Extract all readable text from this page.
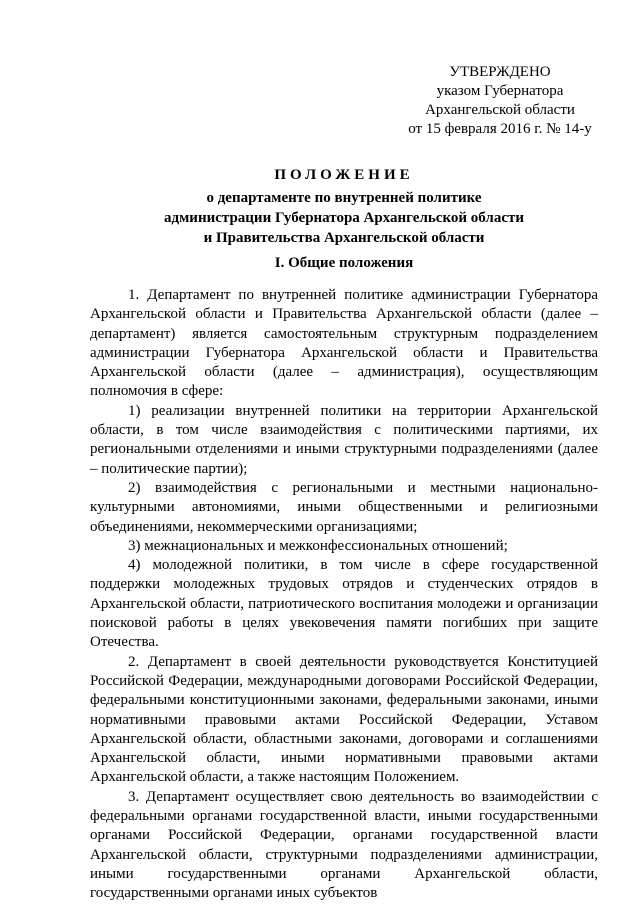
УТВЕРЖДЕНО
указом Губернатора
Архангельской области
от 15 февраля 2016 г. № 14-у
ПОЛОЖЕНИЕ
о департаменте по внутренней политике
администрации Губернатора Архангельской области
и Правительства Архангельской области
I. Общие положения

1. Департамент по внутренней политике администрации Губернатора Архангельской области и Правительства Архангельской области (далее – департамент) является самостоятельным структурным подразделением администрации Губернатора Архангельской области и Правительства Архангельской области (далее – администрация), осуществляющим полномочия в сфере:

1) реализации внутренней политики на территории Архангельской области, в том числе взаимодействия с политическими партиями, их региональными отделениями и иными структурными подразделениями (далее – политические партии);

2) взаимодействия с региональными и местными национально-культурными автономиями, иными общественными и религиозными объединениями, некоммерческими организациями;

3) межнациональных и межконфессиональных отношений;

4) молодежной политики, в том числе в сфере государственной поддержки молодежных трудовых отрядов и студенческих отрядов в Архангельской области, патриотического воспитания молодежи и организации поисковой работы в целях увековечения памяти погибших при защите Отечества.

2. Департамент в своей деятельности руководствуется Конституцией Российской Федерации, международными договорами Российской Федерации, федеральными конституционными законами, федеральными законами, иными нормативными правовыми актами Российской Федерации, Уставом Архангельской области, областными законами, договорами и соглашениями Архангельской области, иными нормативными правовыми актами Архангельской области, а также настоящим Положением.

3. Департамент осуществляет свою деятельность во взаимодействии с федеральными органами государственной власти, иными государственными органами Российской Федерации, органами государственной власти Архангельской области, структурными подразделениями администрации, иными государственными органами Архангельской области, государственными органами иных субъектов
